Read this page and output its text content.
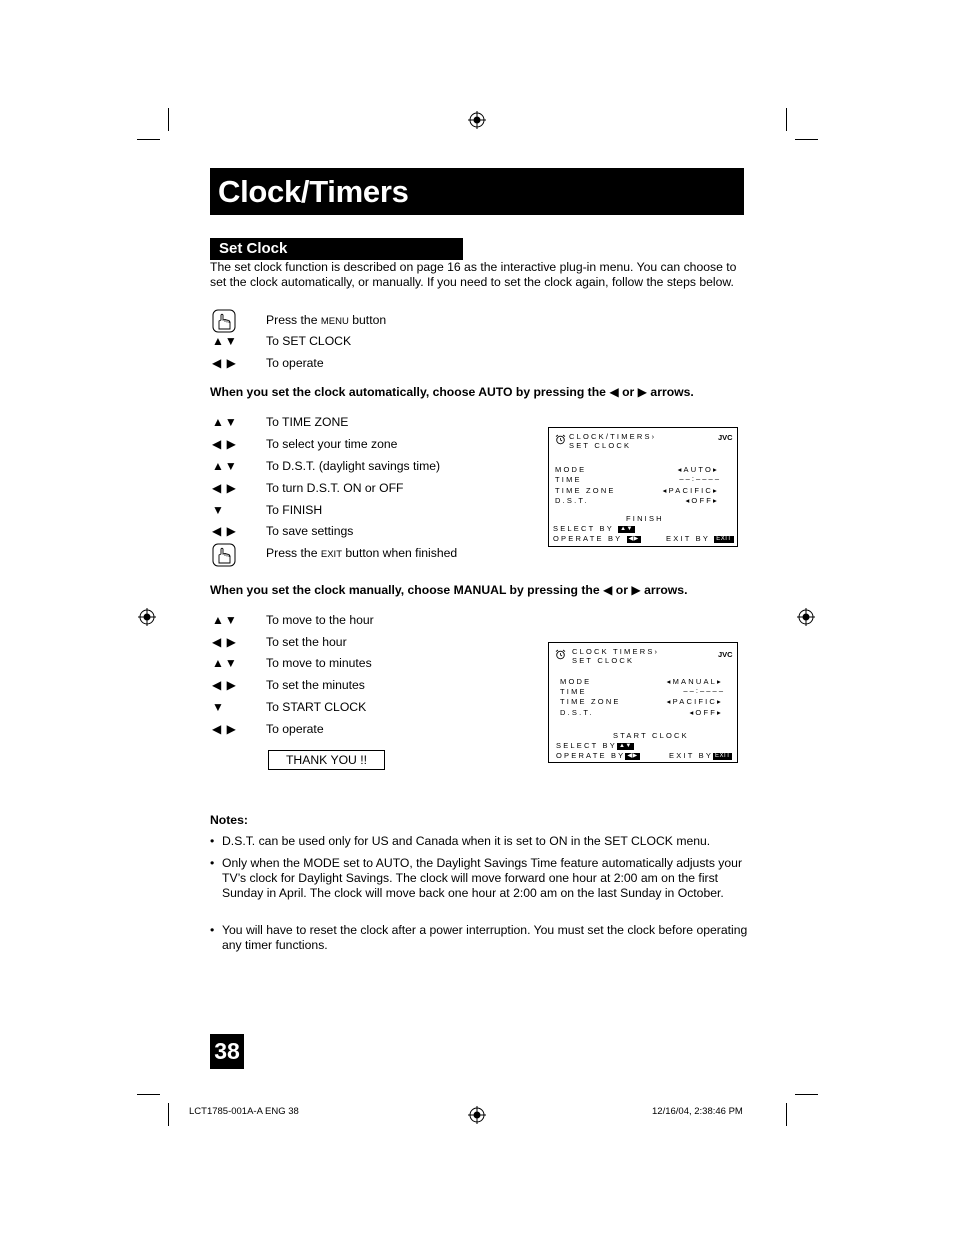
Clock/Timers
Set Clock
The set clock function is described on page 16 as the interactive plug-in menu. You can choose to set the clock automatically, or manually. If you need to set the clock again, follow the steps below.
Press the MENU button
▲▼ To SET CLOCK
◀ ▶ To operate
When you set the clock automatically, choose AUTO by pressing the ◀ or ▶ arrows.
▲▼ To TIME ZONE
◀ ▶ To select your time zone
▲▼ To D.S.T. (daylight savings time)
◀ ▶ To turn D.S.T. ON or OFF
▼	To FINISH
◀ ▶ To save settings
Press the EXIT button when finished
CLOCK/TIMERS›
SET CLOCK
JVC
MODE	◂AUTO▸
TIME	– – : – – – –
TIME ZONE	◂PACIFIC▸
D.S.T.	◂OFF▸
FINISH
SELECT BY ▲▼
OPERATE BY ◀▶	EXIT BY EXIT
When you set the clock manually, choose MANUAL by pressing the ◀ or ▶ arrows.
▲▼ To move to the hour
◀ ▶ To set the hour
▲▼ To move to minutes
◀ ▶ To set the minutes
▼	To START CLOCK
◀ ▶ To operate
THANK YOU !!
CLOCK TIMERS›
SET CLOCK
JVC
MODE	◂MANUAL▸
TIME	– – : – – – –
TIME ZONE	◂PACIFIC▸
D.S.T.	◂OFF▸
START CLOCK
SELECT BY ▲▼
OPERATE BY ◀▶	EXIT BY EXIT
Notes:
• D.S.T. can be used only for US and Canada when it is set to ON in the SET CLOCK menu.
• Only when the MODE set to AUTO, the Daylight Savings Time feature automatically adjusts your TV’s clock for Daylight Savings. The clock will move forward one hour at 2:00 am on the first Sunday in April. The clock will move back one hour at 2:00 am on the last Sunday in October.
• You will have to reset the clock after a power interruption. You must set the clock before operating any timer functions.
38
LCT1785-001A-A ENG 38	12/16/04, 2:38:46 PM
